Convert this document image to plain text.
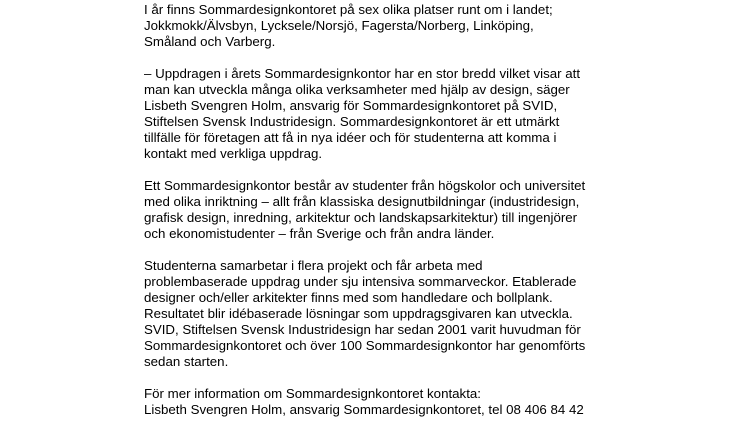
I år finns Sommardesignkontoret på sex olika platser runt om i landet;
Jokkmokk/Älvsbyn, Lycksele/Norsjö, Fagersta/Norberg, Linköping,
Småland och Varberg.
– Uppdragen i årets Sommardesignkontor har en stor bredd vilket visar att
man kan utveckla många olika verksamheter med hjälp av design, säger
Lisbeth Svengren Holm, ansvarig för Sommardesignkontoret på SVID,
Stiftelsen Svensk Industridesign. Sommardesignkontoret är ett utmärkt
tillfälle för företagen att få in nya idéer och för studenterna att komma i
kontakt med verkliga uppdrag.
Ett Sommardesignkontor består av studenter från högskolor och universitet
med olika inriktning – allt från klassiska designutbildningar (industridesign,
grafisk design, inredning, arkitektur och landskapsarkitektur) till ingenjörer
och ekonomistudenter – från Sverige och från andra länder.
Studenterna samarbetar i flera projekt och får arbeta med
problembaserade uppdrag under sju intensiva sommarveckor. Etablerade
designer och/eller arkitekter finns med som handledare och bollplank.
Resultatet blir idébaserade lösningar som uppdragsgivaren kan utveckla.
SVID, Stiftelsen Svensk Industridesign har sedan 2001 varit huvudman för
Sommardesignkontoret och över 100 Sommardesignkontor har genomförts
sedan starten.
För mer information om Sommardesignkontoret kontakta:
Lisbeth Svengren Holm, ansvarig Sommardesignkontoret, tel 08 406 84 42
